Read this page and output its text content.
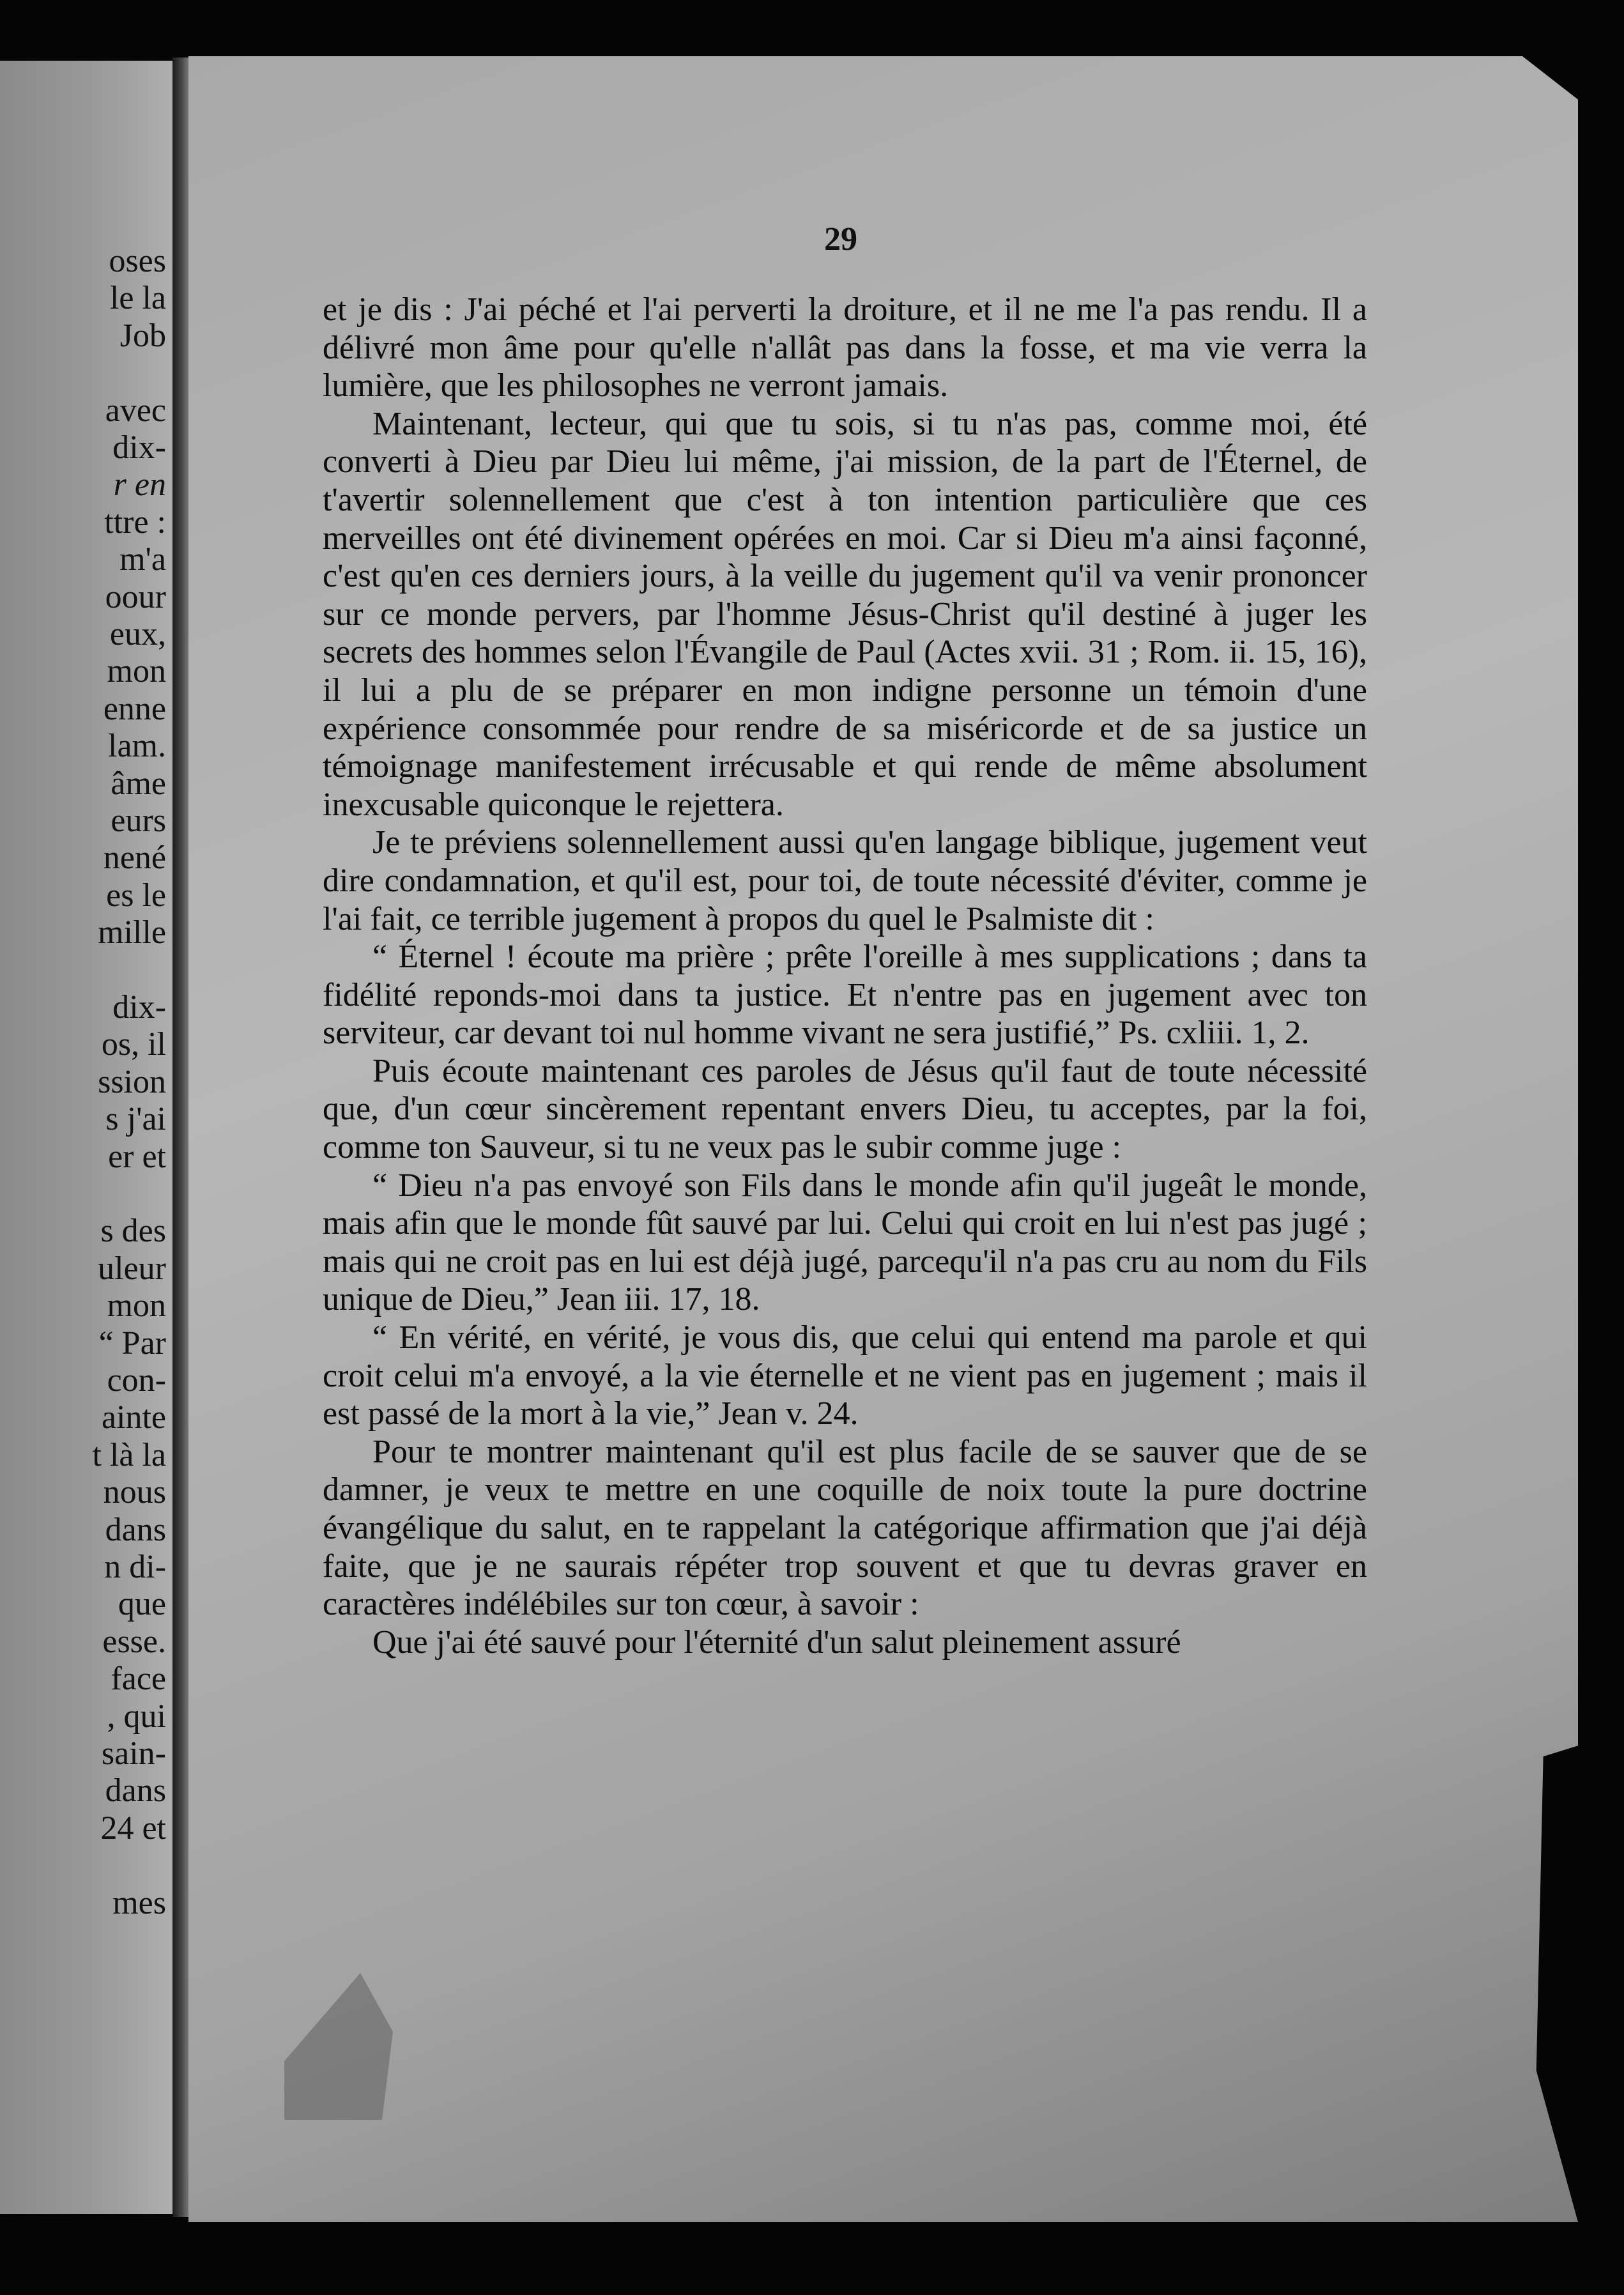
oses
le la
Job
avec
dix-
r en
ttre :
m'a
oour
eux,
mon
enne
lam.
âme
eurs
nené
es le
mille
dix-
os, il
ssion
s j'ai
er et
s des
uleur
mon
“ Par
con-
ainte
t là la
nous
dans
n di-
que
esse.
face
, qui
sain-
dans
24 et
mes
29

et je dis : J'ai péché et l'ai perverti la droiture, et il ne me l'a pas rendu. Il a délivré mon âme pour qu'elle n'allât pas dans la fosse, et ma vie verra la lumière, que les philosophes ne verront jamais.

Maintenant, lecteur, qui que tu sois, si tu n'as pas, comme moi, été converti à Dieu par Dieu lui même, j'ai mission, de la part de l'Éternel, de t'avertir solennellement que c'est à ton intention particulière que ces merveilles ont été divinement opérées en moi. Car si Dieu m'a ainsi façonné, c'est qu'en ces derniers jours, à la veille du jugement qu'il va venir prononcer sur ce monde pervers, par l'homme Jésus-Christ qu'il destiné à juger les secrets des hommes selon l'Évangile de Paul (Actes xvii. 31 ; Rom. ii. 15, 16), il lui a plu de se préparer en mon indigne personne un témoin d'une expérience consommée pour rendre de sa miséricorde et de sa justice un témoignage manifestement irrécusable et qui rende de même absolument inexcusable quiconque le rejettera.

Je te préviens solennellement aussi qu'en langage biblique, jugement veut dire condamnation, et qu'il est, pour toi, de toute nécessité d'éviter, comme je l'ai fait, ce terrible jugement à propos du quel le Psalmiste dit :

“ Éternel ! écoute ma prière ; prête l'oreille à mes supplications ; dans ta fidélité reponds-moi dans ta justice. Et n'entre pas en jugement avec ton serviteur, car devant toi nul homme vivant ne sera justifié,” Ps. cxliii. 1, 2.

Puis écoute maintenant ces paroles de Jésus qu'il faut de toute nécessité que, d'un cœur sincèrement repentant envers Dieu, tu acceptes, par la foi, comme ton Sauveur, si tu ne veux pas le subir comme juge :

“ Dieu n'a pas envoyé son Fils dans le monde afin qu'il jugeât le monde, mais afin que le monde fût sauvé par lui. Celui qui croit en lui n'est pas jugé ; mais qui ne croit pas en lui est déjà jugé, parcequ'il n'a pas cru au nom du Fils unique de Dieu,” Jean iii. 17, 18.

“ En vérité, en vérité, je vous dis, que celui qui entend ma parole et qui croit celui m'a envoyé, a la vie éternelle et ne vient pas en jugement ; mais il est passé de la mort à la vie,” Jean v. 24.

Pour te montrer maintenant qu'il est plus facile de se sauver que de se damner, je veux te mettre en une coquille de noix toute la pure doctrine évangélique du salut, en te rappelant la catégorique affirmation que j'ai déjà faite, que je ne saurais répéter trop souvent et que tu devras graver en caractères indélébiles sur ton cœur, à savoir :

Que j'ai été sauvé pour l'éternité d'un salut pleinement assuré
